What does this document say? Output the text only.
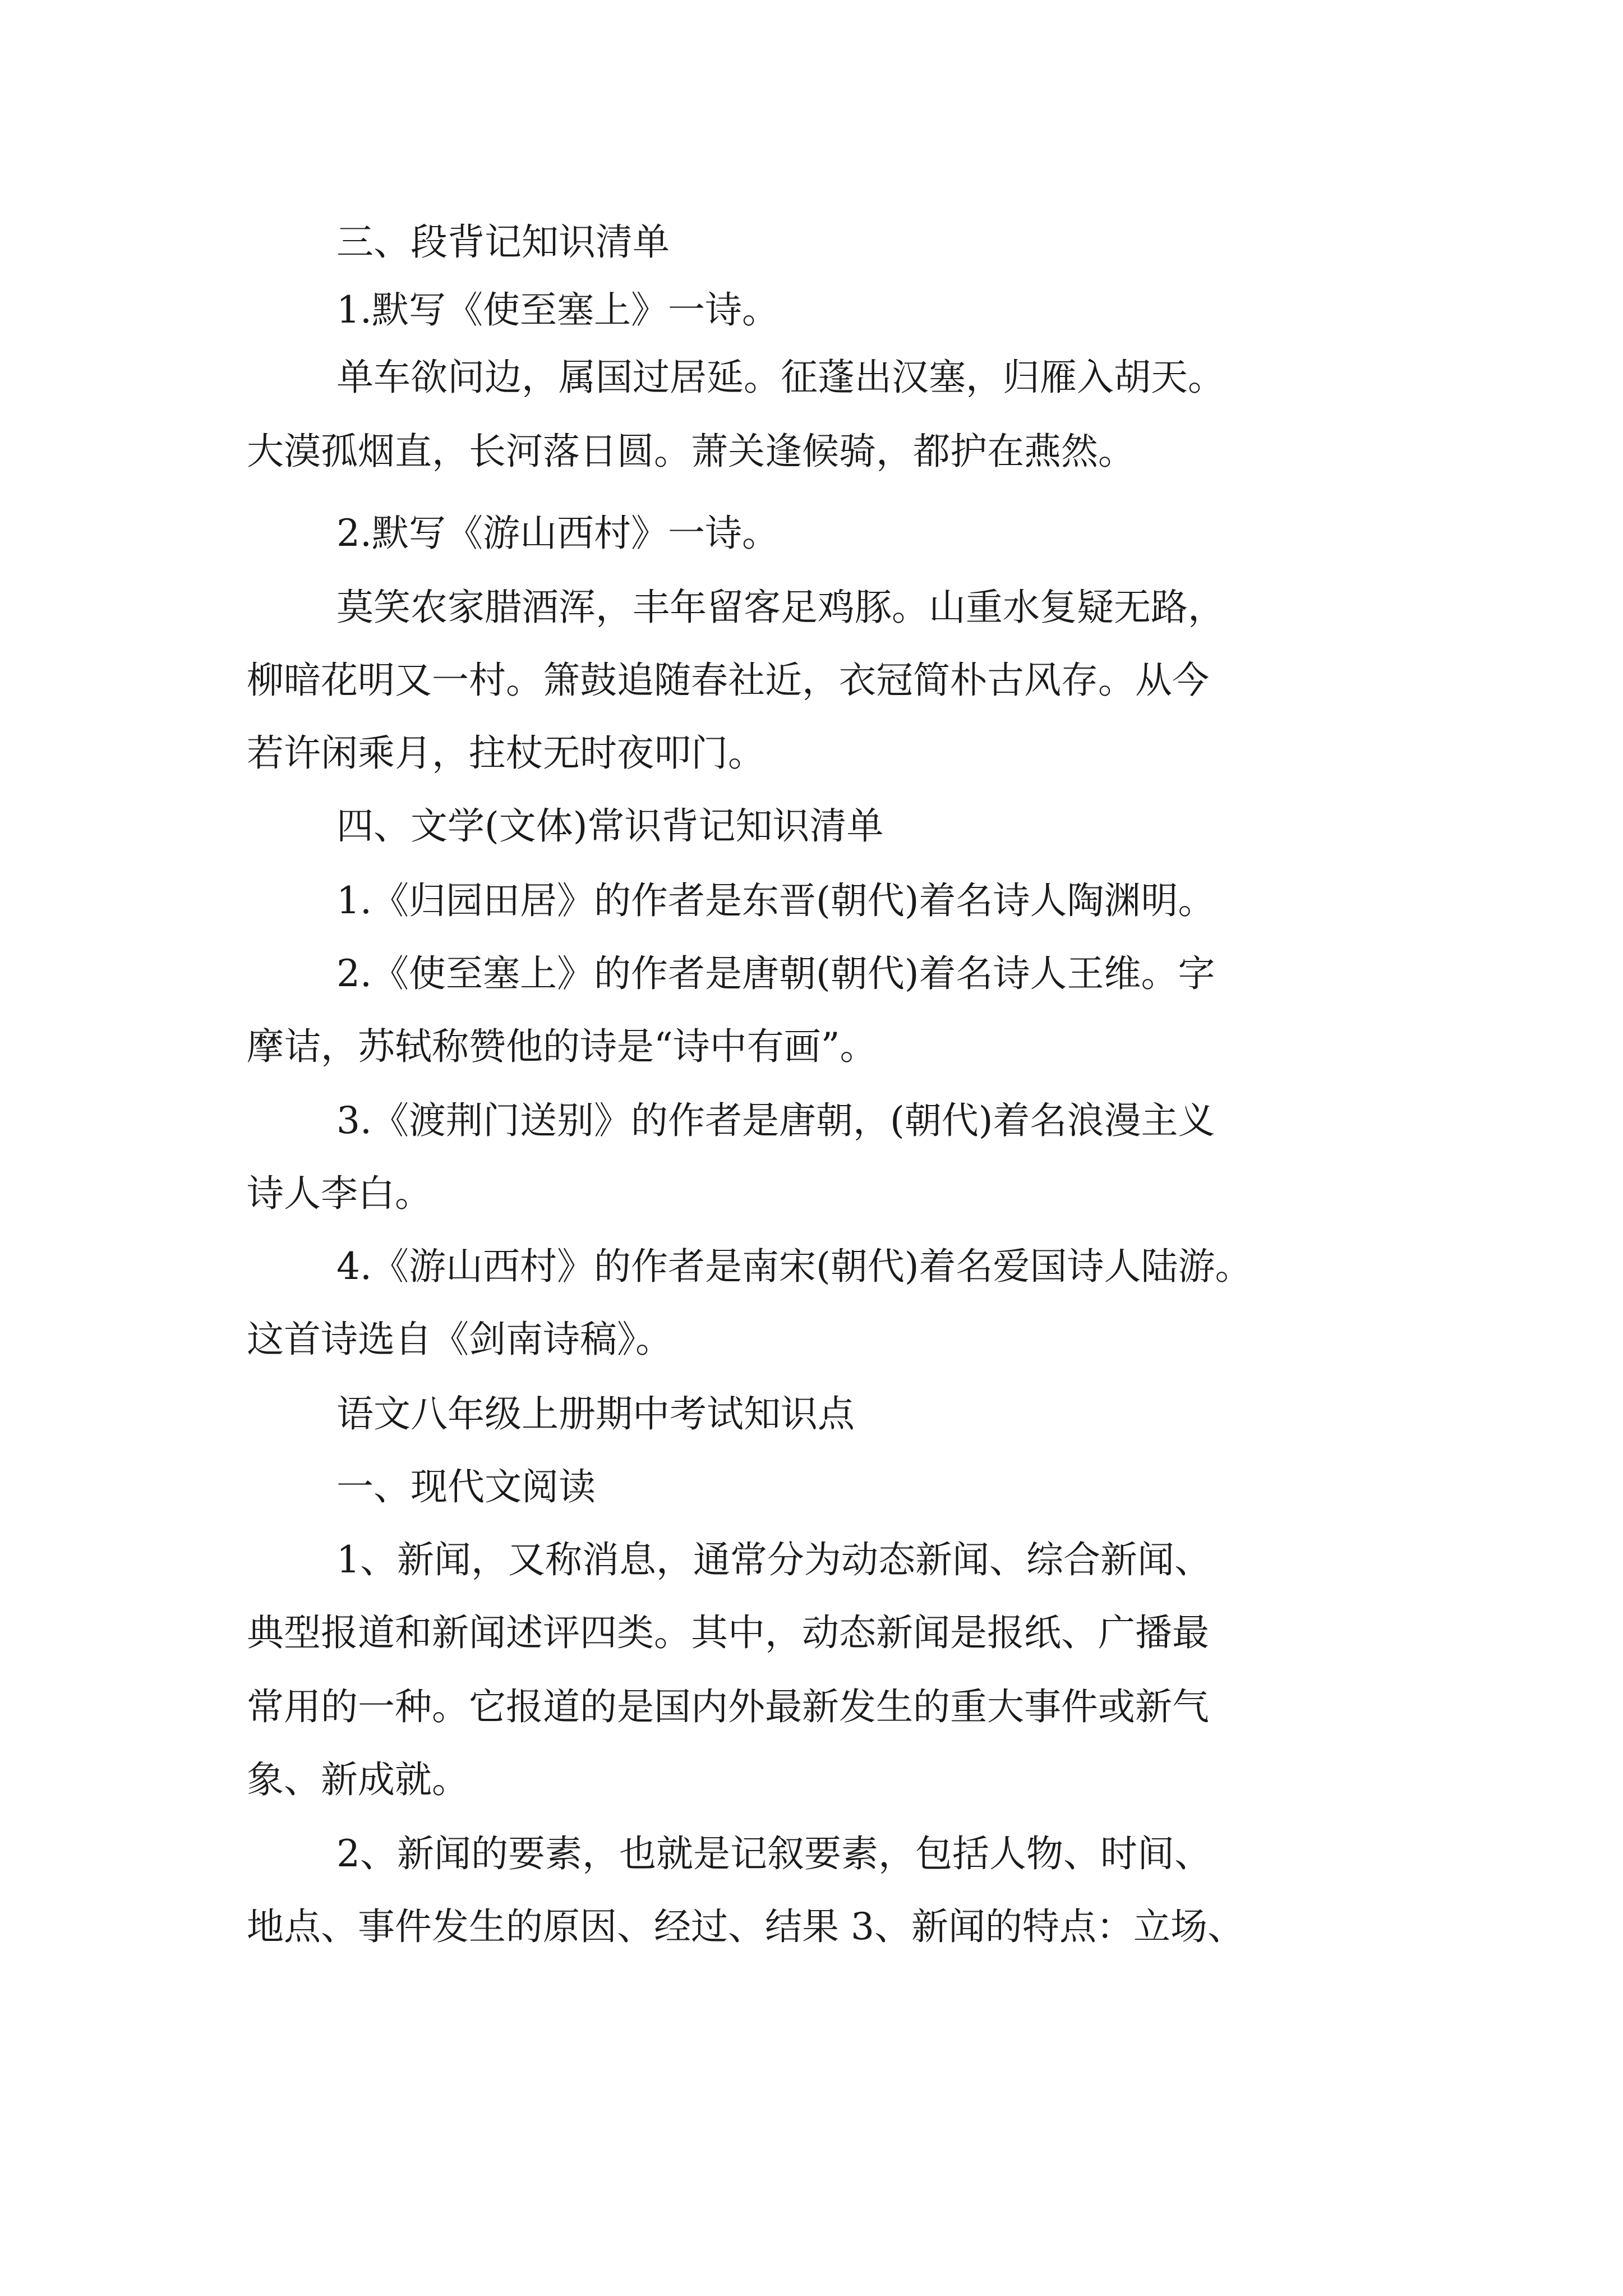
三、段背记知识清单
1.默写《使至塞上》一诗。
单车欲问边，属国过居延。征蓬出汉塞，归雁入胡天。
大漠孤烟直，长河落日圆。萧关逢候骑，都护在燕然。
2.默写《游山西村》一诗。
莫笑农家腊酒浑，丰年留客足鸡豚。山重水复疑无路，
柳暗花明又一村。箫鼓追随春社近，衣冠简朴古风存。从今
若许闲乘月，拄杖无时夜叩门。
四、文学(文体)常识背记知识清单
1.《归园田居》的作者是东晋(朝代)着名诗人陶渊明。
2.《使至塞上》的作者是唐朝(朝代)着名诗人王维。字
摩诘，苏轼称赞他的诗是“诗中有画”。
3.《渡荆门送别》的作者是唐朝，(朝代)着名浪漫主义
诗人李白。
4.《游山西村》的作者是南宋(朝代)着名爱国诗人陆游。
这首诗选自《剑南诗稿》。
语文八年级上册期中考试知识点
一、现代文阅读
1、新闻，又称消息，通常分为动态新闻、综合新闻、
典型报道和新闻述评四类。其中，动态新闻是报纸、广播最
常用的一种。它报道的是国内外最新发生的重大事件或新气
象、新成就。
2、新闻的要素，也就是记叙要素，包括人物、时间、
地点、事件发生的原因、经过、结果 3、新闻的特点：立场、
